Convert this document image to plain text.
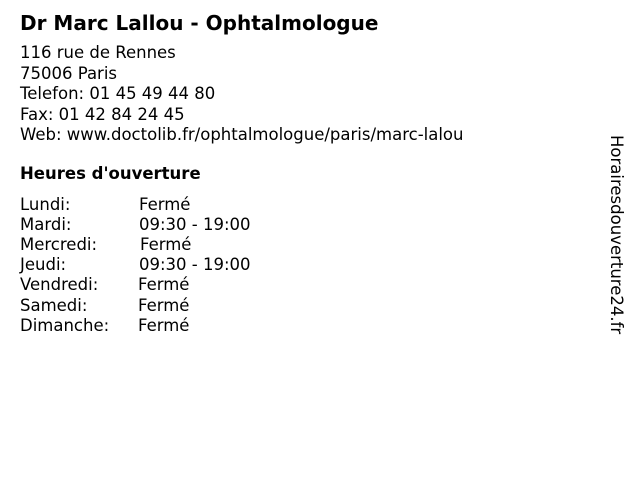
Dr Marc Lallou - Ophtalmologue
116 rue de Rennes
75006 Paris
Telefon: 01 45 49 44 80
Fax: 01 42 84 24 45
Web: www.doctolib.fr/ophtalmologue/paris/marc-lalou
Heures d'ouverture
Lundi:	Fermé
Mardi:	09:30 - 19:00
Mercredi:	Fermé
Jeudi:	09:30 - 19:00
Vendredi:	Fermé
Samedi:	Fermé
Dimanche:	Fermé	Horairesdouverture24.fr
